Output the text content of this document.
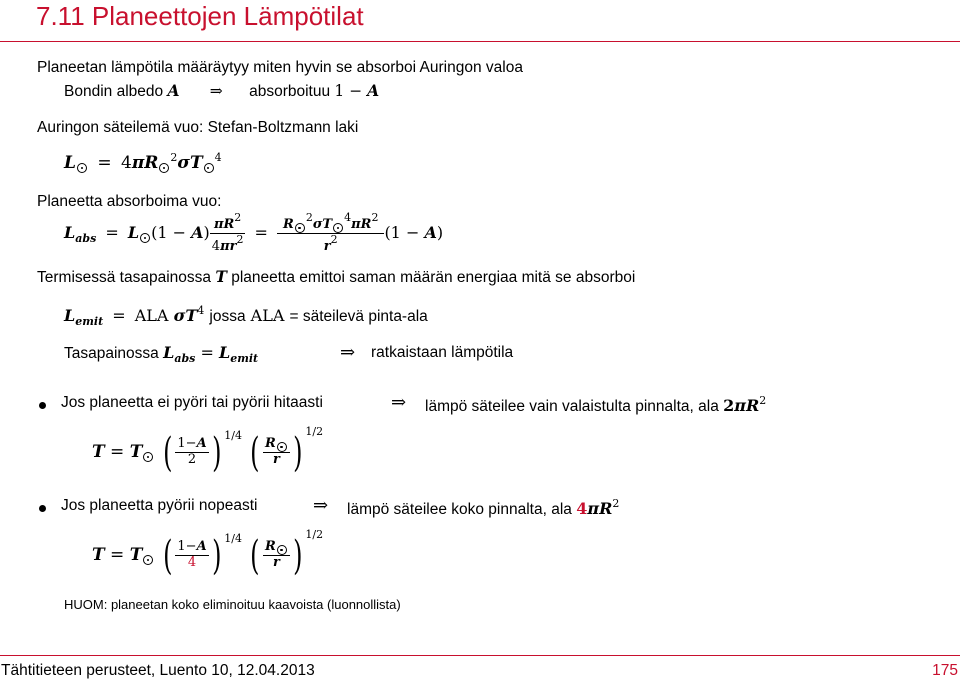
7.11 Planeettojen Lämpötilat
Planeetan lämpötila määräytyy miten hyvin se absorboi Auringon valoa
Bondin albedo A ⇒ absorboituu 1 − A
Auringon säteilemä vuo: Stefan-Boltzmann laki
L = 4πR $^2$σT $^4$
Planeetta absorboima vuo:
$L_{abs} = L$ $(1 - A) \frac{\pi R^2}{4\pi r^2} = \frac{R ^2\sigma T ^4\pi R^2}{r^2} (1 - A)$
Termisessä tasapainossa T planeetta emittoi saman määrän energiaa mitä se absorboi
$L_{emit}$ = ALA $\sigma T^4$ jossa ALA = säteilevä pinta-ala
Tasapainossa $L_{abs} = L_{emit}$	⇒ ratkaistaan lämpötila
Jos planeetta ei pyöri tai pyörii hitaasti	⇒ lämpö säteilee vain valaistulta pinnalta, ala $2\pi R^2$
T = T ( $\frac{1-A}{2}$ ) $^{1/4}$ ( $\frac{R}{r}$ ) $^{1/2}$
Jos planeetta pyörii nopeasti	⇒ lämpö säteilee koko pinnalta, ala $4\pi R^2$
T = T ( $\frac{1-A}{4}$ ) $^{1/4}$ ( $\frac{R}{r}$ ) $^{1/2}$
HUOM: planeetan koko eliminoituu kaavoista (luonnollista)
Tähtitieteen perusteet, Luento 10, 12.04.2013	175
